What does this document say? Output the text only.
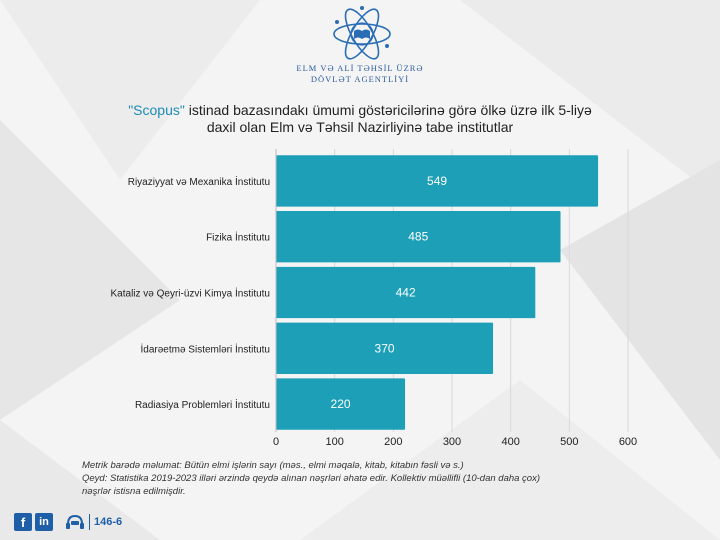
ELM VƏ ALİ TƏHSİL ÜZRƏ
DÖVLƏT AGENTLİYİ
"Scopus" istinad bazasındakı ümumi göstəricilərinə görə ölkə üzrə ilk 5-liyə
daxil olan Elm və Təhsil Nazirliyinə tabe institutlar
0	100	200	300	400	500	600
549
Riyaziyyat və Mexanika İnstitutu
485
Fizika İnstitutu
442
Kataliz və Qeyri-üzvi Kimya İnstitutu
370
İdarəetmə Sistemləri İnstitutu
220
Radiasiya Problemləri İnstitutu
Metrik barədə məlumat: Bütün elmi işlərin sayı (məs., elmi məqalə, kitab, kitabın fəsli və s.)
Qeyd: Statistika 2019-2023 illəri ərzində qeydə alınan nəşrləri əhatə edir. Kollektiv müəllifli (10-dan daha çox)
nəşrlər istisna edilmişdir.
f	in	146-6
